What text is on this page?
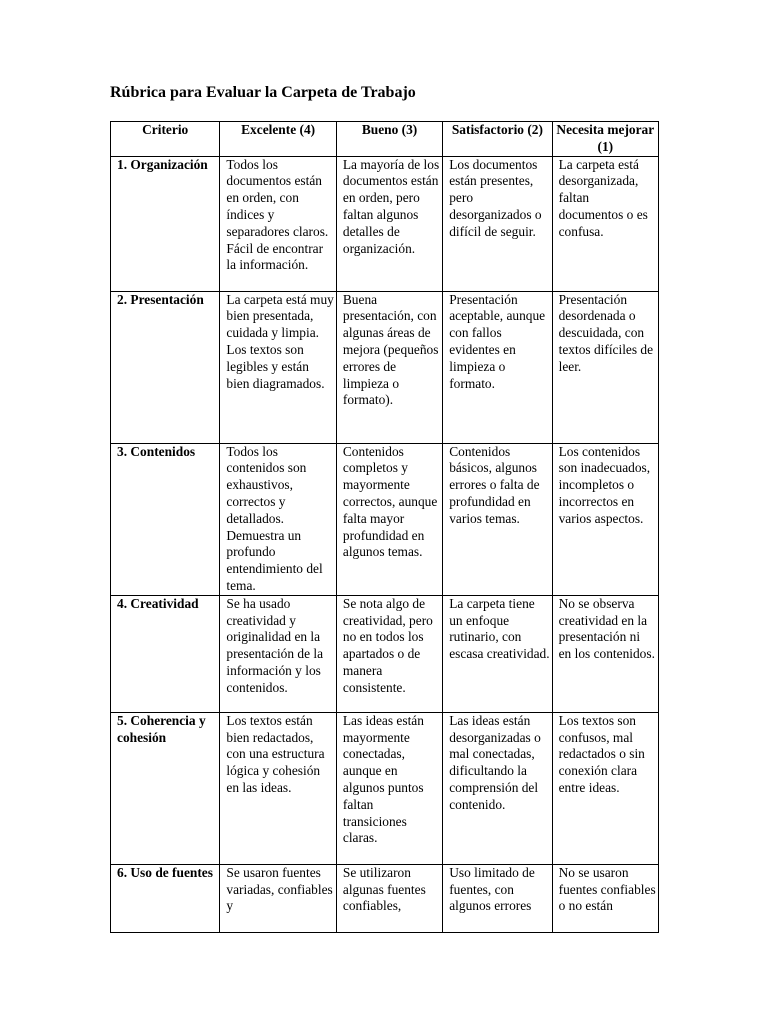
Rúbrica para Evaluar la Carpeta de Trabajo
Criterio	Excelente (4)	Bueno (3)	Satisfactorio (2)	Necesita mejorar (1)
1. Organización	Todos los documentos están en orden, con índices y separadores claros. Fácil de encontrar la información.	La mayoría de los documentos están en orden, pero faltan algunos detalles de organización.	Los documentos están presentes, pero desorganizados o difícil de seguir.	La carpeta está desorganizada, faltan documentos o es confusa.
2. Presentación	La carpeta está muy bien presentada, cuidada y limpia. Los textos son legibles y están bien diagramados.	Buena presentación, con algunas áreas de mejora (pequeños errores de limpieza o formato).	Presentación aceptable, aunque con fallos evidentes en limpieza o formato.	Presentación desordenada o descuidada, con textos difíciles de leer.
3. Contenidos	Todos los contenidos son exhaustivos, correctos y detallados. Demuestra un profundo entendimiento del tema.	Contenidos completos y mayormente correctos, aunque falta mayor profundidad en algunos temas.	Contenidos básicos, algunos errores o falta de profundidad en varios temas.	Los contenidos son inadecuados, incompletos o incorrectos en varios aspectos.
4. Creatividad	Se ha usado creatividad y originalidad en la presentación de la información y los contenidos.	Se nota algo de creatividad, pero no en todos los apartados o de manera consistente.	La carpeta tiene un enfoque rutinario, con escasa creatividad.	No se observa creatividad en la presentación ni en los contenidos.
5. Coherencia y cohesión	Los textos están bien redactados, con una estructura lógica y cohesión en las ideas.	Las ideas están mayormente conectadas, aunque en algunos puntos faltan transiciones claras.	Las ideas están desorganizadas o mal conectadas, dificultando la comprensión del contenido.	Los textos son confusos, mal redactados o sin conexión clara entre ideas.
6. Uso de fuentes	Se usaron fuentes variadas, confiables y	Se utilizaron algunas fuentes confiables,	Uso limitado de fuentes, con algunos errores	No se usaron fuentes confiables o no están
